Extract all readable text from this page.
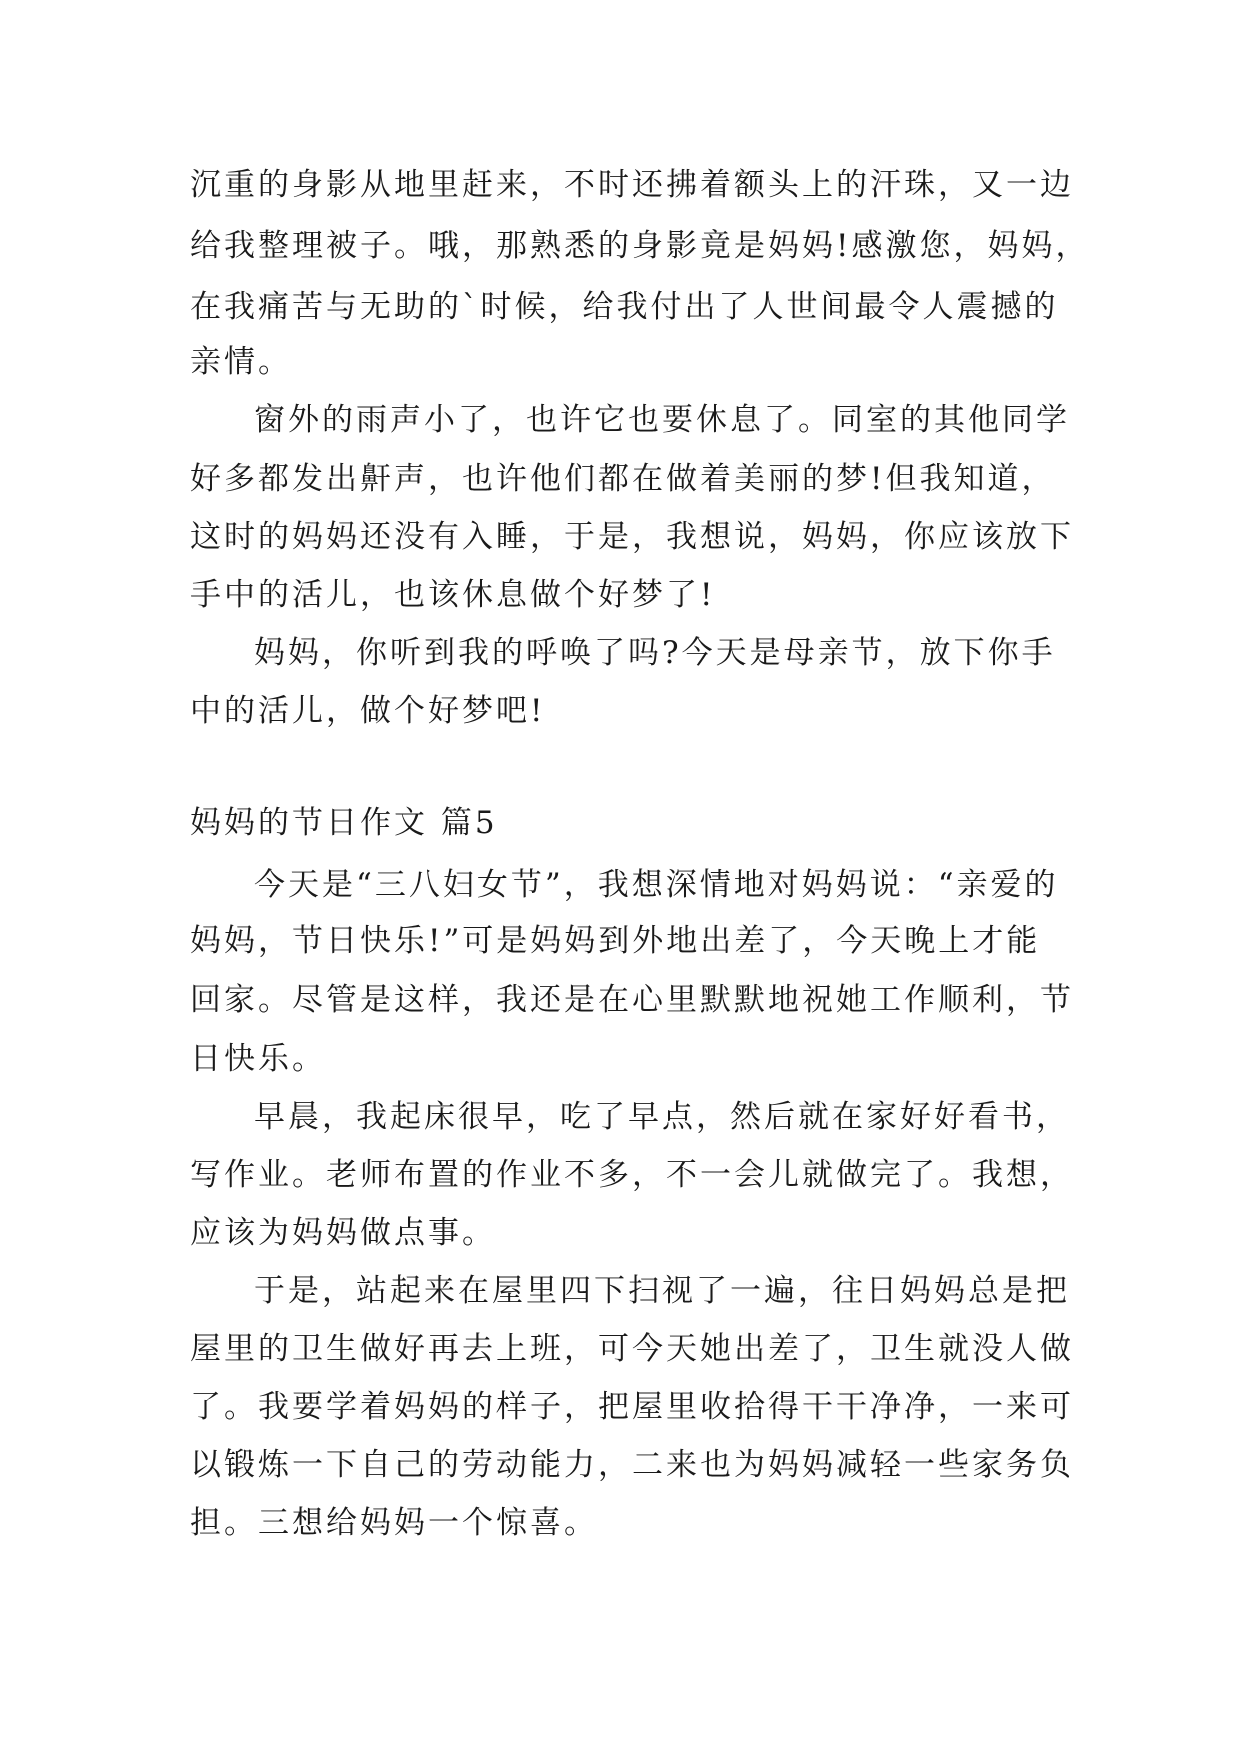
沉重的身影从地里赶来，不时还拂着额头上的汗珠，又一边
给我整理被子。哦，那熟悉的身影竟是妈妈!感激您，妈妈，
在我痛苦与无助的`时候，给我付出了人世间最令人震撼的
亲情。
窗外的雨声小了，也许它也要休息了。同室的其他同学
好多都发出鼾声，也许他们都在做着美丽的梦!但我知道，
这时的妈妈还没有入睡，于是，我想说，妈妈，你应该放下
手中的活儿，也该休息做个好梦了!
妈妈，你听到我的呼唤了吗?今天是母亲节，放下你手
中的活儿，做个好梦吧!
妈妈的节日作文 篇5
今天是“三八妇女节”，我想深情地对妈妈说：“亲爱的
妈妈，节日快乐!”可是妈妈到外地出差了，今天晚上才能
回家。尽管是这样，我还是在心里默默地祝她工作顺利，节
日快乐。
早晨，我起床很早，吃了早点，然后就在家好好看书，
写作业。老师布置的作业不多，不一会儿就做完了。我想，
应该为妈妈做点事。
于是，站起来在屋里四下扫视了一遍，往日妈妈总是把
屋里的卫生做好再去上班，可今天她出差了，卫生就没人做
了。我要学着妈妈的样子，把屋里收拾得干干净净，一来可
以锻炼一下自己的劳动能力，二来也为妈妈减轻一些家务负
担。三想给妈妈一个惊喜。
